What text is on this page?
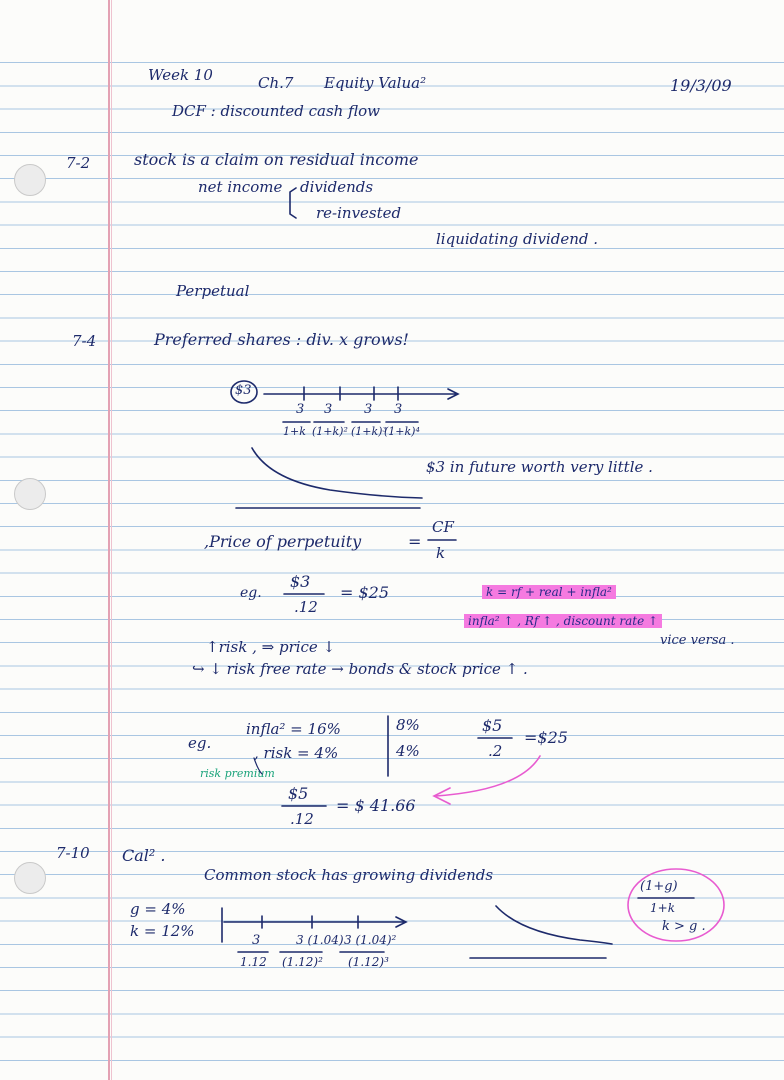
Week 10	Ch.7 Equity Valua²	19/3/09
DCF : discounted cash flow
7-2	stock is a claim on residual income
net income dividends
re-invested
liquidating dividend .
Perpetual
7-4	Preferred shares : div. x grows!
$3
3
1+k
3
(1+k)²
3
(1+k)³
3
(1+k)⁴
$3 in future worth very little .
,Price of perpetuity	=
CF
k
eg.
$3
.12
= $25	k = rf + real + infla²
infla² ↑ , Rf ↑ , discount rate ↑
vice versa .
↑risk , ⇒ price ↓
↪ ↓ risk free rate → bonds & stock price ↑ .
eg.
infla² = 16%
, risk = 4%
8%
4%
$5
.2
=$25
risk premium
$5
.12
= $ 41.66
7-10 Cal² .
Common stock has growing dividends
g = 4%
k = 12%
3
1.12
3 (1.04)
(1.12)²
3 (1.04)²
(1.12)³
(1+g)
1+k
k > g .
